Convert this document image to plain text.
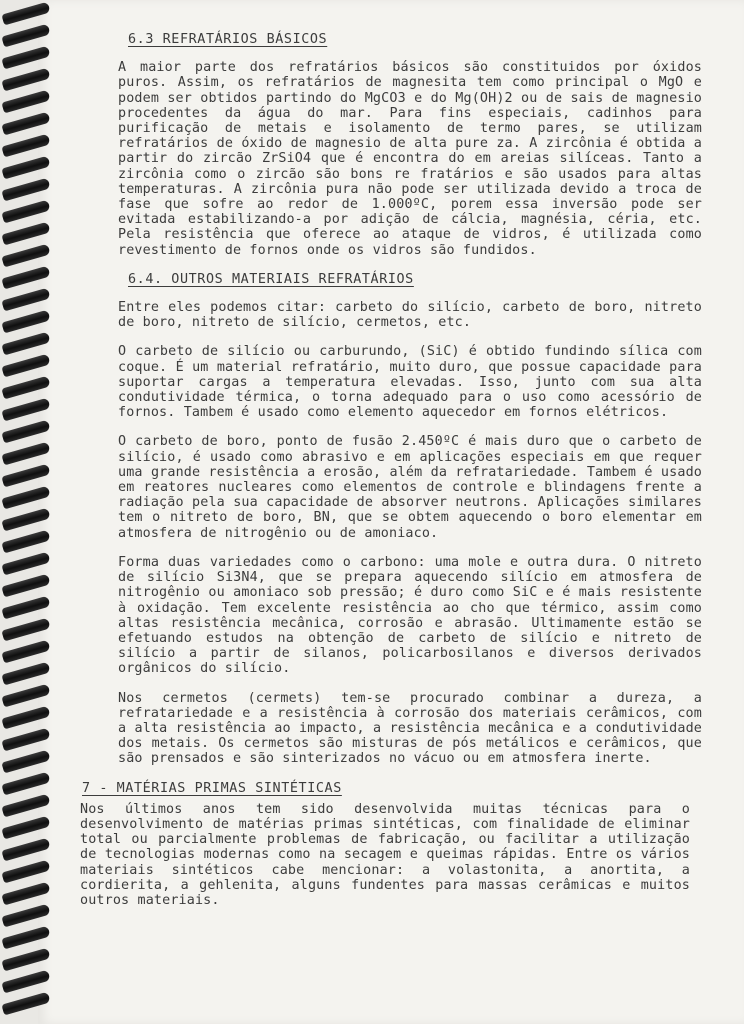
6.3 REFRATÁRIOS BÁSICOS

A maior parte dos refratários básicos são constituidos por óxidos puros. Assim, os refratários de magnesita tem como principal o MgO e podem ser obtidos partindo do MgCO3 e do Mg(OH)2 ou de sais de magnesio procedentes da água do mar. Para fins especiais, cadinhos para purificação de metais e isolamento de termo pares, se utilizam refratários de óxido de magnesio de alta pure za. A zircônia é obtida a partir do zircão ZrSiO4 que é encontra do em areias silíceas. Tanto a zircônia como o zircão são bons re fratários e são usados para altas temperaturas. A zircônia pura não pode ser utilizada devido a troca de fase que sofre ao redor de 1.000ºC, porem essa inversão pode ser evitada estabilizando-a por adição de cálcia, magnésia, céria, etc. Pela resistência que oferece ao ataque de vidros, é utilizada como revestimento de fornos onde os vidros são fundidos.

6.4. OUTROS MATERIAIS REFRATÁRIOS

Entre eles podemos citar: carbeto do silício, carbeto de boro, nitreto de boro, nitreto de silício, cermetos, etc.

O carbeto de silício ou carburundo, (SiC) é obtido fundindo sílica com coque. É um material refratário, muito duro, que possue capacidade para suportar cargas a temperatura elevadas. Isso, junto com sua alta condutividade térmica, o torna adequado para o uso como acessório de fornos. Tambem é usado como elemento aquecedor em fornos elétricos.

O carbeto de boro, ponto de fusão 2.450ºC é mais duro que o carbeto de silício, é usado como abrasivo e em aplicações especiais em que requer uma grande resistência a erosão, além da refratariedade. Tambem é usado em reatores nucleares como elementos de controle e blindagens frente a radiação pela sua capacidade de absorver neutrons. Aplicações similares tem o nitreto de boro, BN, que se obtem aquecendo o boro elementar em atmosfera de nitrogênio ou de amoniaco.

Forma duas variedades como o carbono: uma mole e outra dura. O nitreto de silício Si3N4, que se prepara aquecendo silício em atmosfera de nitrogênio ou amoniaco sob pressão; é duro como SiC e é mais resistente à oxidação. Tem excelente resistência ao cho que térmico, assim como altas resistência mecânica, corrosão e abrasão. Ultimamente estão se efetuando estudos na obtenção de carbeto de silício e nitreto de silício a partir de silanos, policarbosilanos e diversos derivados orgânicos do silício.

Nos cermetos (cermets) tem-se procurado combinar a dureza, a refratariedade e a resistência à corrosão dos materiais cerâmicos, com a alta resistência ao impacto, a resistência mecânica e a condutividade dos metais. Os cermetos são misturas de pós metálicos e cerâmicos, que são prensados e são sinterizados no vácuo ou em atmosfera inerte.

7 - MATÉRIAS PRIMAS SINTÉTICAS

Nos últimos anos tem sido desenvolvida muitas técnicas para o desenvolvimento de matérias primas sintéticas, com finalidade de eliminar total ou parcialmente problemas de fabricação, ou facilitar a utilização de tecnologias modernas como na secagem e queimas rápidas. Entre os vários materiais sintéticos cabe mencionar: a volastonita, a anortita, a cordierita, a gehlenita, alguns fundentes para massas cerâmicas e muitos outros materiais.
